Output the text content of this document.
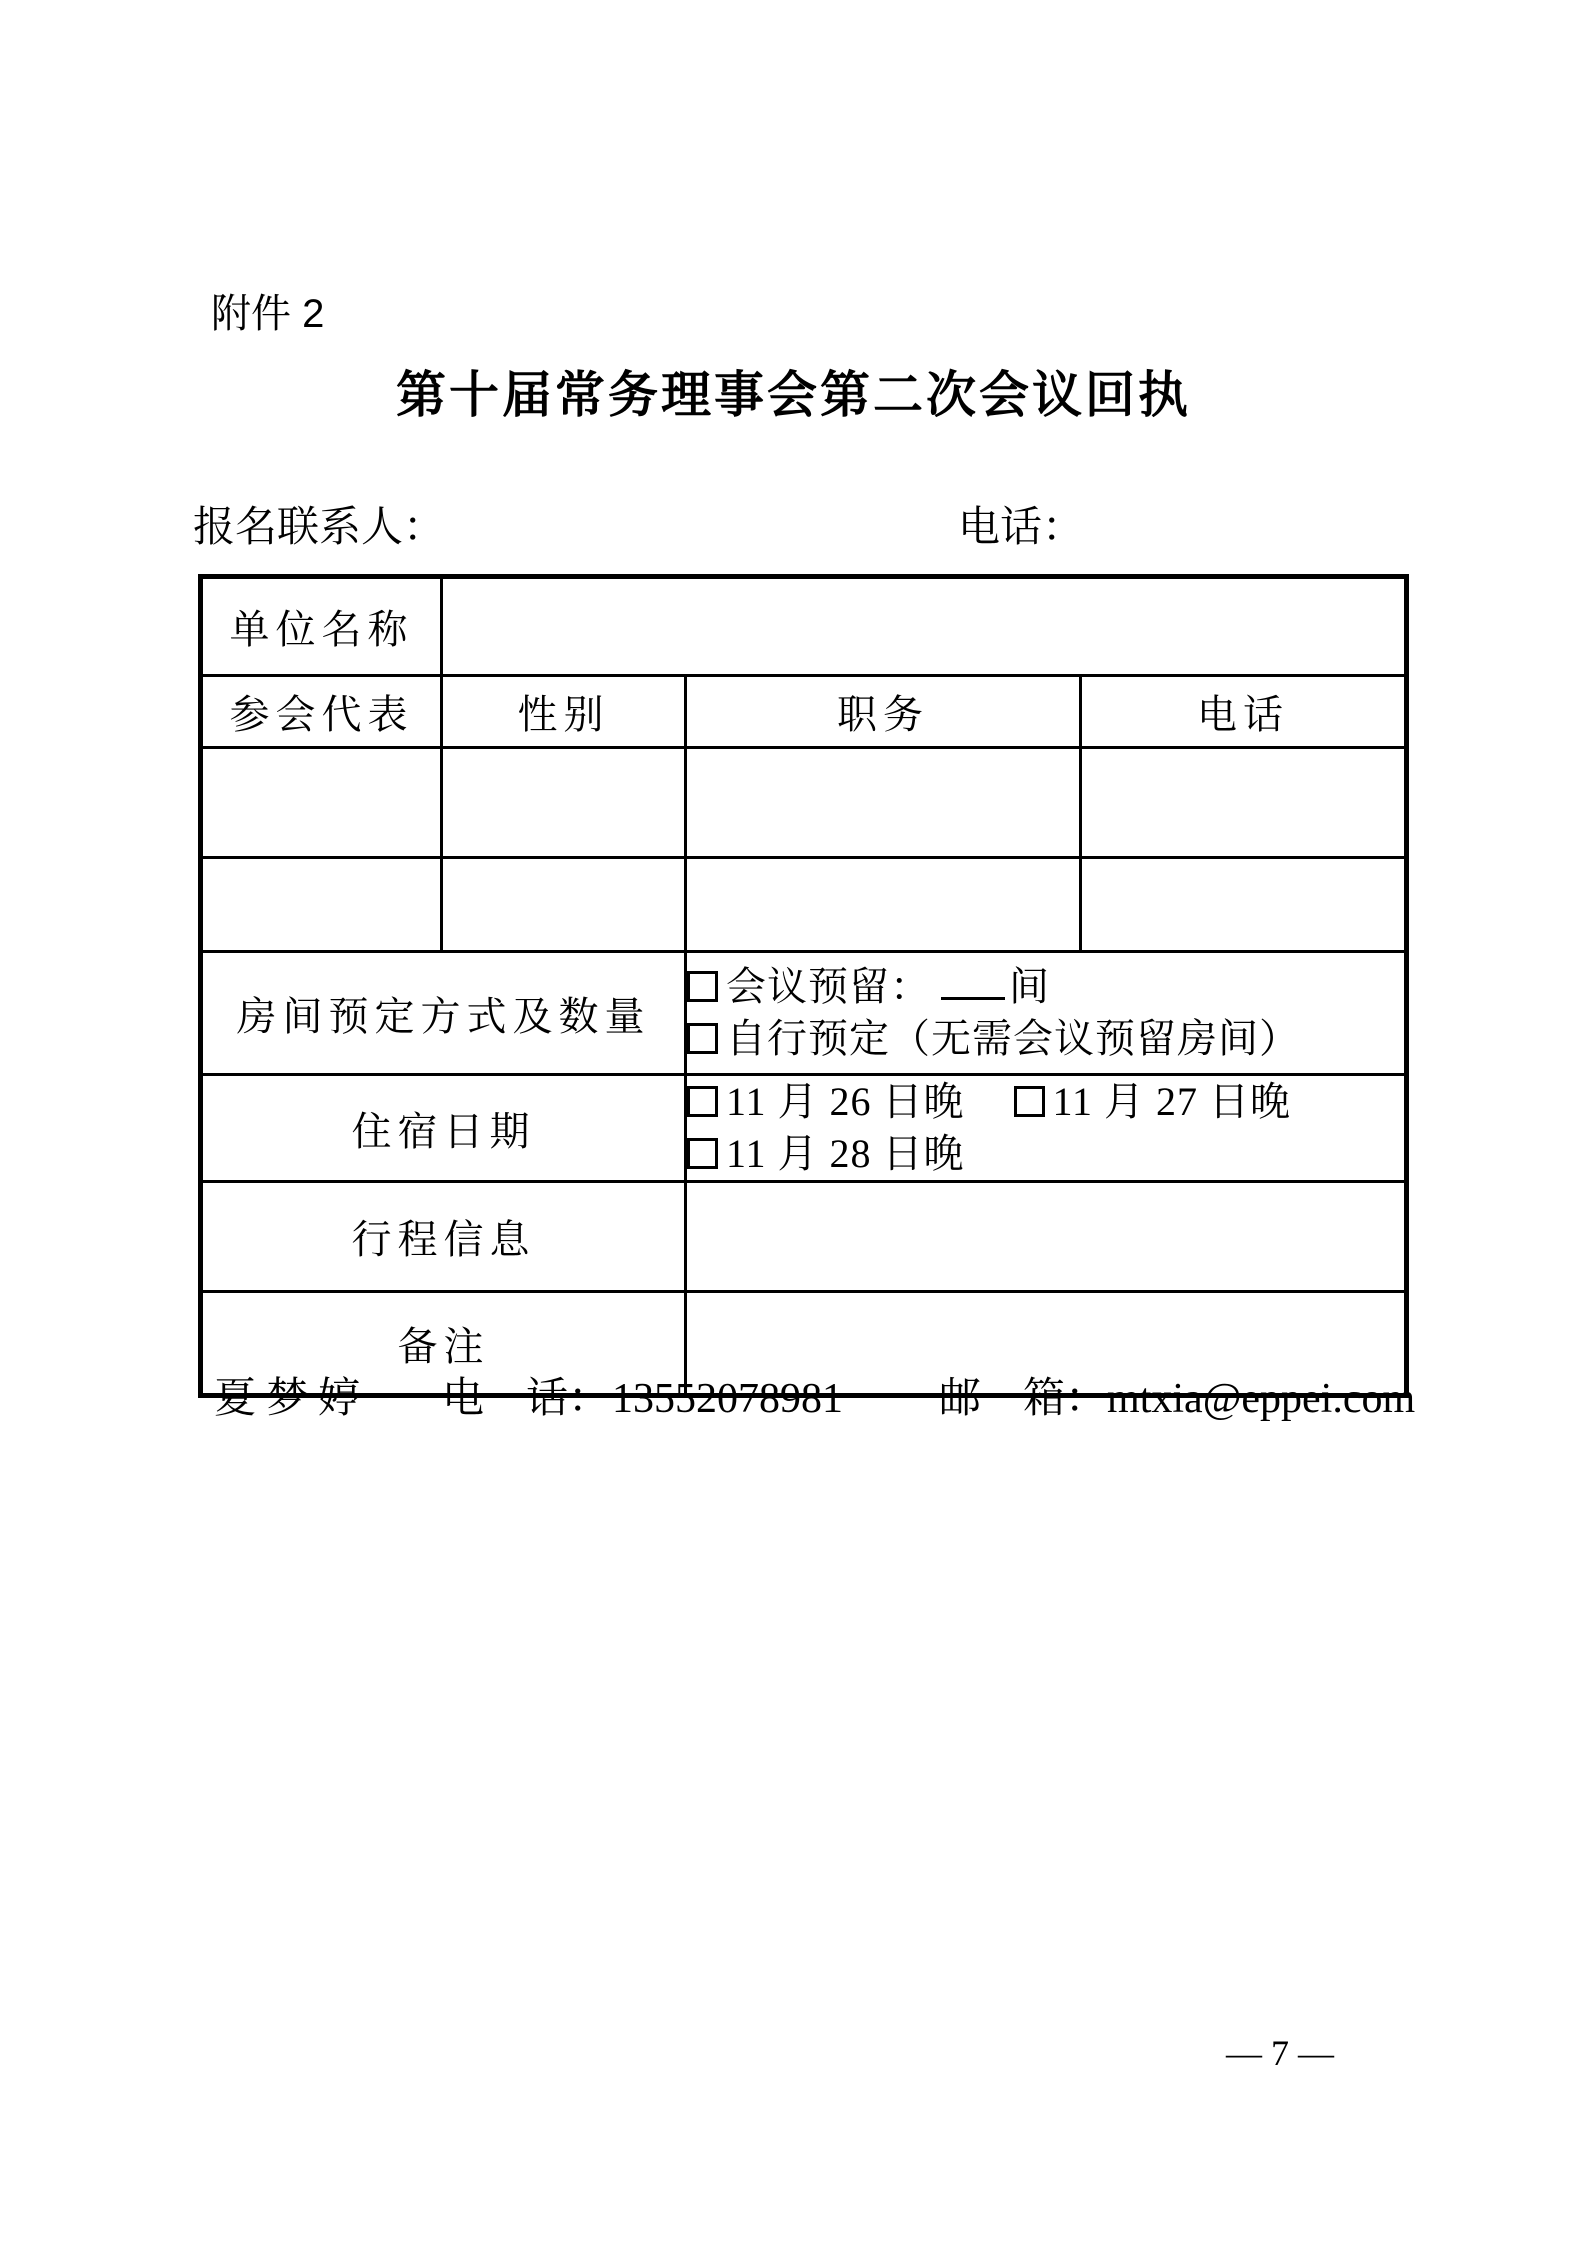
附件 2
第十届常务理事会第二次会议回执
报名联系人：	电话：
单位名称			
参会代表	性别	职务	电话

房间预定方式及数量		会议预留： 间
自行预定（无需会议预留房间）	

住宿日期		11 月 26 日晚 11 月 27 日晚 11 月 28 日晚	
行程信息			
备注			
夏梦婷 电　话：13552078981 邮　箱：mtxia@eppei.com
— 7 —
